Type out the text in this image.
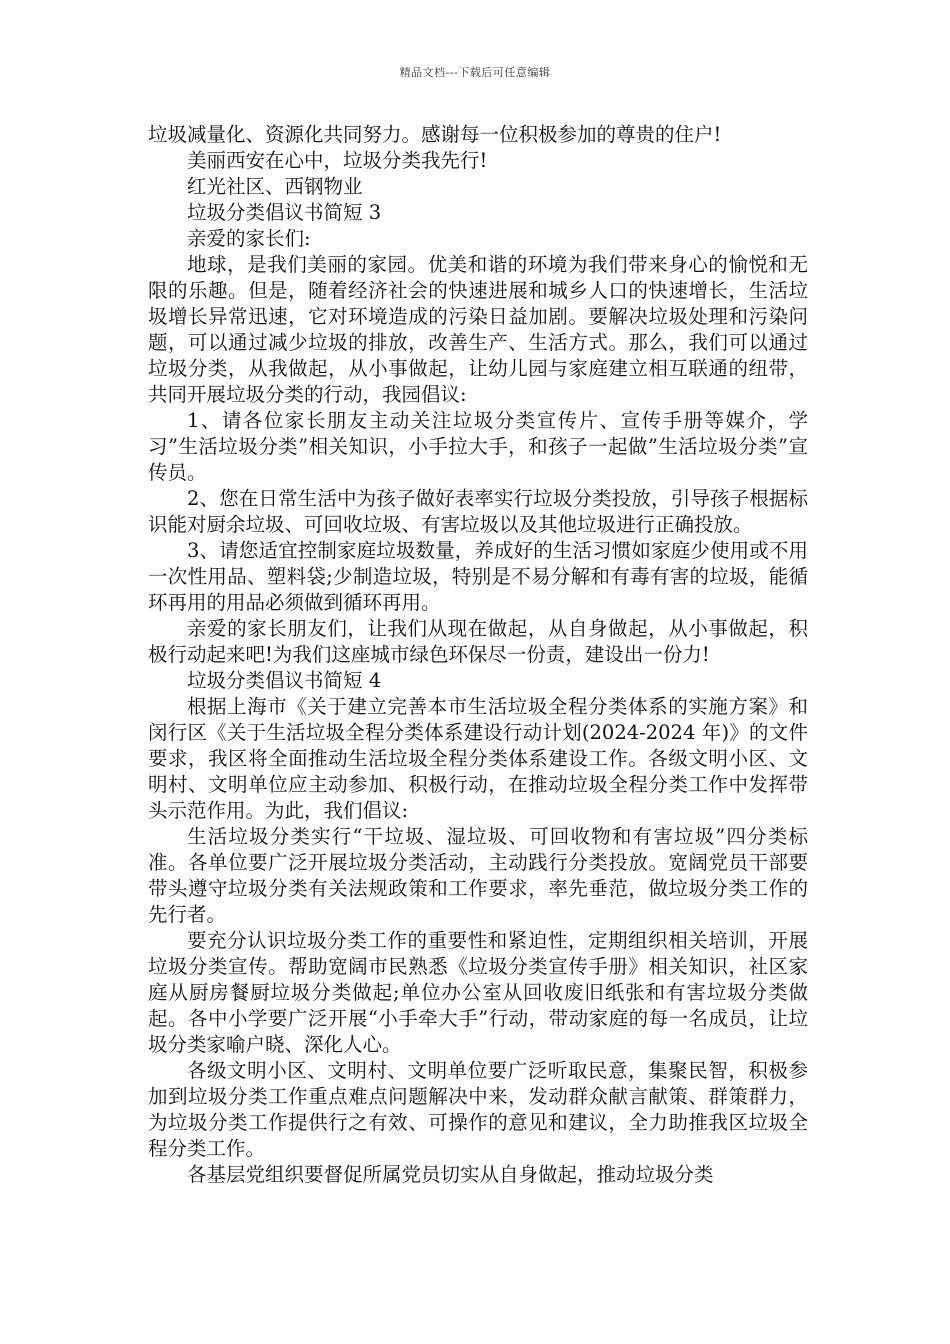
精品文档---下载后可任意编辑

垃圾减量化、资源化共同努力。感谢每一位积极参加的尊贵的住户!

美丽西安在心中，垃圾分类我先行!

红光社区、西钢物业

垃圾分类倡议书简短 3

亲爱的家长们:

地球，是我们美丽的家园。优美和谐的环境为我们带来身心的愉悦和无限的乐趣。但是，随着经济社会的快速进展和城乡人口的快速增长，生活垃圾增长异常迅速，它对环境造成的污染日益加剧。要解决垃圾处理和污染问题，可以通过减少垃圾的排放，改善生产、生活方式。那么，我们可以通过垃圾分类，从我做起，从小事做起，让幼儿园与家庭建立相互联通的纽带，共同开展垃圾分类的行动，我园倡议:

1、请各位家长朋友主动关注垃圾分类宣传片、宣传手册等媒介，学习”生活垃圾分类”相关知识，小手拉大手，和孩子一起做”生活垃圾分类”宣传员。

2、您在日常生活中为孩子做好表率实行垃圾分类投放，引导孩子根据标识能对厨余垃圾、可回收垃圾、有害垃圾以及其他垃圾进行正确投放。

3、请您适宜控制家庭垃圾数量，养成好的生活习惯如家庭少使用或不用一次性用品、塑料袋;少制造垃圾，特别是不易分解和有毒有害的垃圾，能循环再用的用品必须做到循环再用。

亲爱的家长朋友们，让我们从现在做起，从自身做起，从小事做起，积极行动起来吧!为我们这座城市绿色环保尽一份责，建设出一份力!

垃圾分类倡议书简短 4

根据上海市《关于建立完善本市生活垃圾全程分类体系的实施方案》和闵行区《关于生活垃圾全程分类体系建设行动计划(2024-2024 年)》的文件要求，我区将全面推动生活垃圾全程分类体系建设工作。各级文明小区、文明村、文明单位应主动参加、积极行动，在推动垃圾全程分类工作中发挥带头示范作用。为此，我们倡议:

生活垃圾分类实行“干垃圾、湿垃圾、可回收物和有害垃圾”四分类标准。各单位要广泛开展垃圾分类活动，主动践行分类投放。宽阔党员干部要带头遵守垃圾分类有关法规政策和工作要求，率先垂范，做垃圾分类工作的先行者。

要充分认识垃圾分类工作的重要性和紧迫性，定期组织相关培训，开展垃圾分类宣传。帮助宽阔市民熟悉《垃圾分类宣传手册》相关知识，社区家庭从厨房餐厨垃圾分类做起;单位办公室从回收废旧纸张和有害垃圾分类做起。各中小学要广泛开展“小手牵大手”行动，带动家庭的每一名成员，让垃圾分类家喻户晓、深化人心。

各级文明小区、文明村、文明单位要广泛听取民意，集聚民智，积极参加到垃圾分类工作重点难点问题解决中来，发动群众献言献策、群策群力，为垃圾分类工作提供行之有效、可操作的意见和建议，全力助推我区垃圾全程分类工作。

各基层党组织要督促所属党员切实从自身做起，推动垃圾分类
